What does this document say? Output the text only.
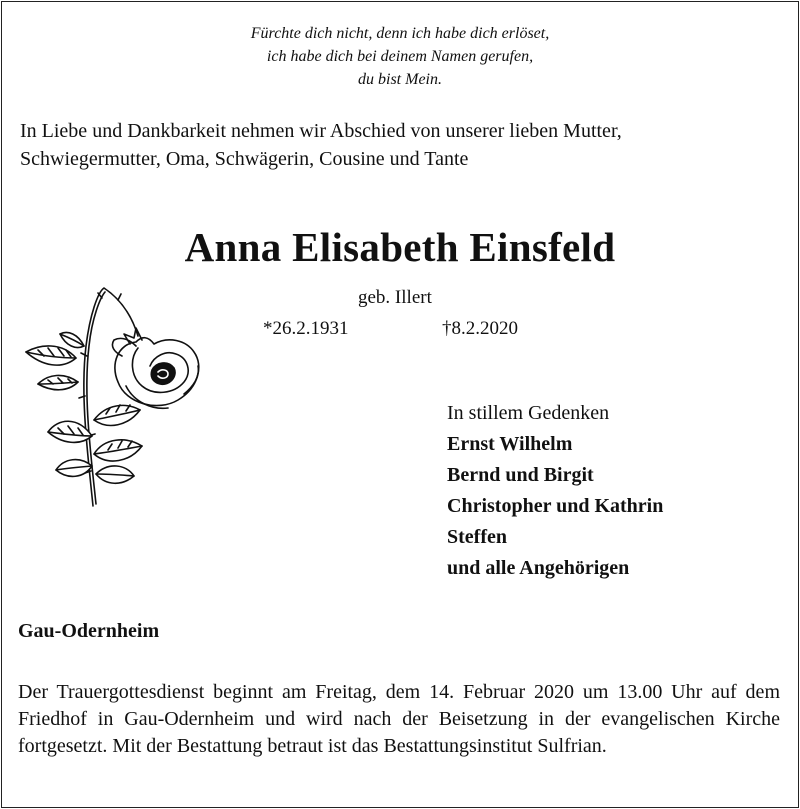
Fürchte dich nicht, denn ich habe dich erlöset,
ich habe dich bei deinem Namen gerufen,
du bist Mein.
In Liebe und Dankbarkeit nehmen wir Abschied von unserer lieben Mutter,
Schwiegermutter, Oma, Schwägerin, Cousine und Tante
Anna Elisabeth Einsfeld
geb. Illert
*26.2.1931	†8.2.2020
In stillem Gedenken
Ernst Wilhelm
Bernd und Birgit
Christopher und Kathrin
Steffen
und alle Angehörigen
Gau-Odernheim
Der Trauergottesdienst beginnt am Freitag, dem 14. Februar 2020 um 13.00 Uhr auf dem Friedhof in Gau-Odernheim und wird nach der Beisetzung in der evangelischen Kirche fortgesetzt. Mit der Bestattung betraut ist das Bestattungsinstitut Sulfrian.
